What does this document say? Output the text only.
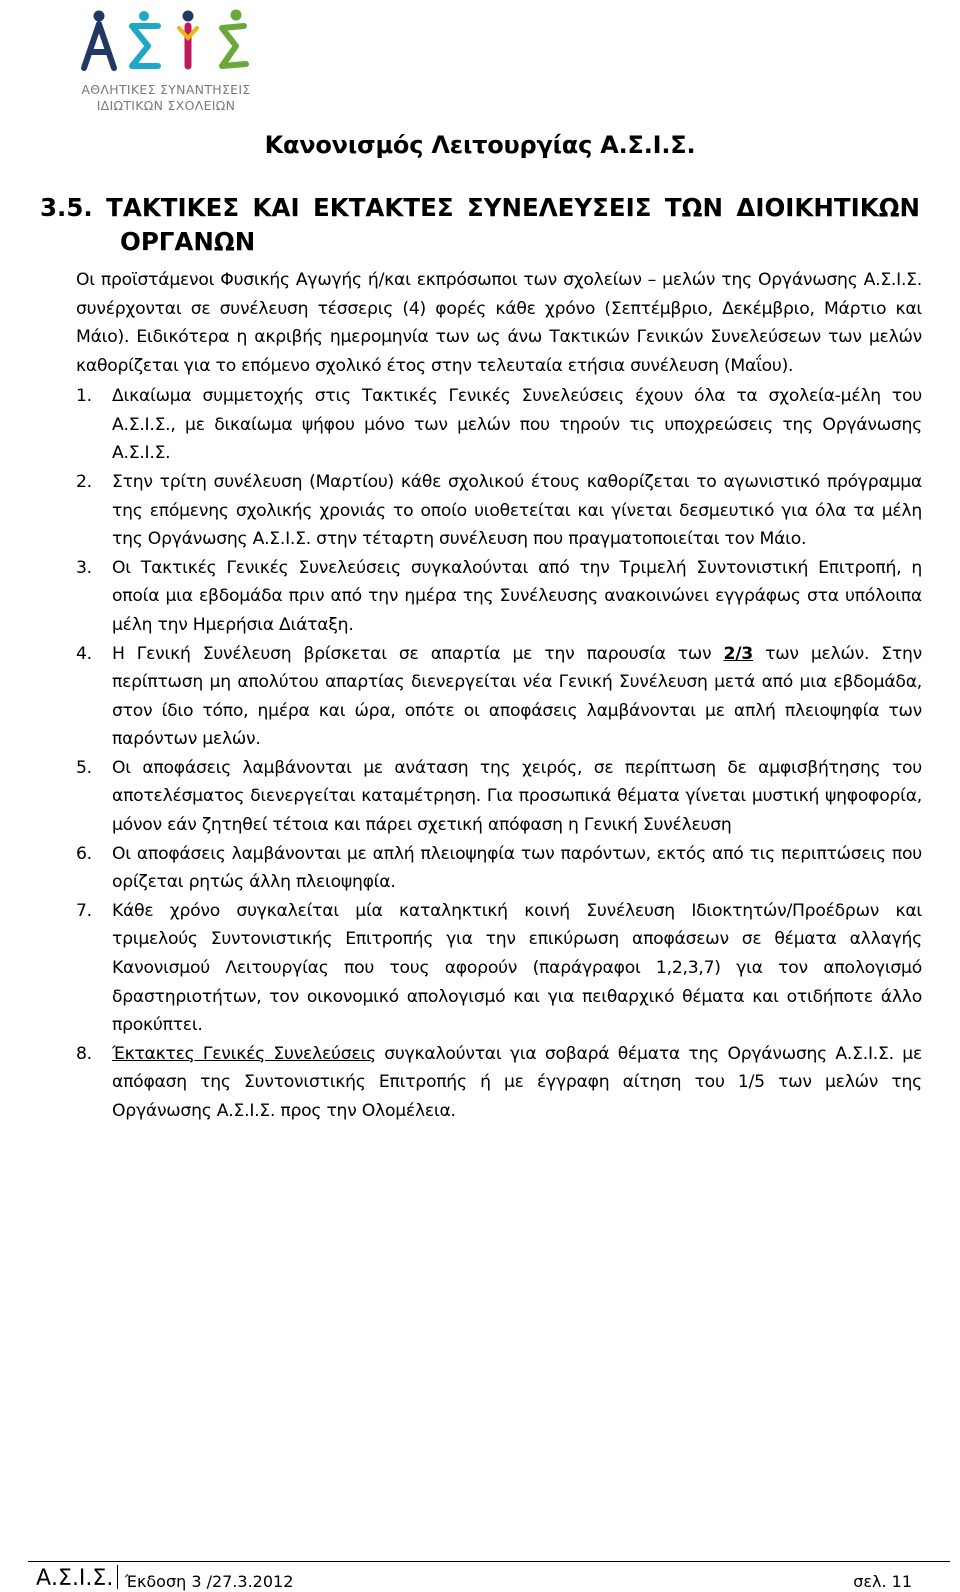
ΑΘΛΗΤΙΚΕΣ ΣΥΝΑΝΤΗΣΕΙΣ
ΙΔΙΩΤΙΚΩΝ ΣΧΟΛΕΙΩΝ
Κανονισμός Λειτουργίας Α.Σ.Ι.Σ.
3.5. ΤΑΚΤΙΚΕΣ ΚΑΙ ΕΚΤΑΚΤΕΣ ΣΥΝΕΛΕΥΣΕΙΣ ΤΩΝ ΔΙΟΙΚΗΤΙΚΩΝ
ΟΡΓΑΝΩΝ

Οι προϊστάμενοι Φυσικής Αγωγής ή/και εκπρόσωποι των σχολείων – μελών της Οργάνωσης Α.Σ.Ι.Σ. συνέρχονται σε συνέλευση τέσσερις (4) φορές κάθε χρόνο (Σεπτέμβριο, Δεκέμβριο, Μάρτιο και Μάιο). Ειδικότερα η ακριβής ημερομηνία των ως άνω Τακτικών Γενικών Συνελεύσεων των μελών καθορίζεται για το επόμενο σχολικό έτος στην τελευταία ετήσια συνέλευση (Μαΐου).

1.	Δικαίωμα συμμετοχής στις Τακτικές Γενικές Συνελεύσεις έχουν όλα τα σχολεία-μέλη του Α.Σ.Ι.Σ., με δικαίωμα ψήφου μόνο των μελών που τηρούν τις υποχρεώσεις της Οργάνωσης Α.Σ.Ι.Σ.
2.	Στην τρίτη συνέλευση (Μαρτίου) κάθε σχολικού έτους καθορίζεται το αγωνιστικό πρόγραμμα της επόμενης σχολικής χρονιάς το οποίο υιοθετείται και γίνεται δεσμευτικό για όλα τα μέλη της Οργάνωσης Α.Σ.Ι.Σ. στην τέταρτη συνέλευση που πραγματοποιείται τον Μάιο.
3.	Οι Τακτικές Γενικές Συνελεύσεις συγκαλούνται από την Τριμελή Συντονιστική Επιτροπή, η οποία μια εβδομάδα πριν από την ημέρα της Συνέλευσης ανακοινώνει εγγράφως στα υπόλοιπα μέλη την Ημερήσια Διάταξη.
4.	Η Γενική Συνέλευση βρίσκεται σε απαρτία με την παρουσία των 2/3 των μελών. Στην περίπτωση μη απολύτου απαρτίας διενεργείται νέα Γενική Συνέλευση μετά από μια εβδομάδα, στον ίδιο τόπο, ημέρα και ώρα, οπότε οι αποφάσεις λαμβάνονται με απλή πλειοψηφία των παρόντων μελών.
5.	Οι αποφάσεις λαμβάνονται με ανάταση της χειρός, σε περίπτωση δε αμφισβήτησης του αποτελέσματος διενεργείται καταμέτρηση. Για προσωπικά θέματα γίνεται μυστική ψηφοφορία, μόνον εάν ζητηθεί τέτοια και πάρει σχετική απόφαση η Γενική Συνέλευση
6.	Οι αποφάσεις λαμβάνονται με απλή πλειοψηφία των παρόντων, εκτός από τις περιπτώσεις που ορίζεται ρητώς άλλη πλειοψηφία.
7.	Κάθε χρόνο συγκαλείται μία καταληκτική κοινή Συνέλευση Ιδιοκτητών/Προέδρων και τριμελούς Συντονιστικής Επιτροπής για την επικύρωση αποφάσεων σε θέματα αλλαγής Κανονισμού Λειτουργίας που τους αφορούν (παράγραφοι 1,2,3,7) για τον απολογισμό δραστηριοτήτων, τον οικονομικό απολογισμό και για πειθαρχικό θέματα και οτιδήποτε άλλο προκύπτει.
8.	Έκτακτες Γενικές Συνελεύσεις συγκαλούνται για σοβαρά θέματα της Οργάνωσης Α.Σ.Ι.Σ. με απόφαση της Συντονιστικής Επιτροπής ή με έγγραφη αίτηση του 1/5 των μελών της Οργάνωσης Α.Σ.Ι.Σ. προς την Ολομέλεια.
Α.Σ.Ι.Σ. Έκδοση 3 /27.3.2012	σελ. 11
